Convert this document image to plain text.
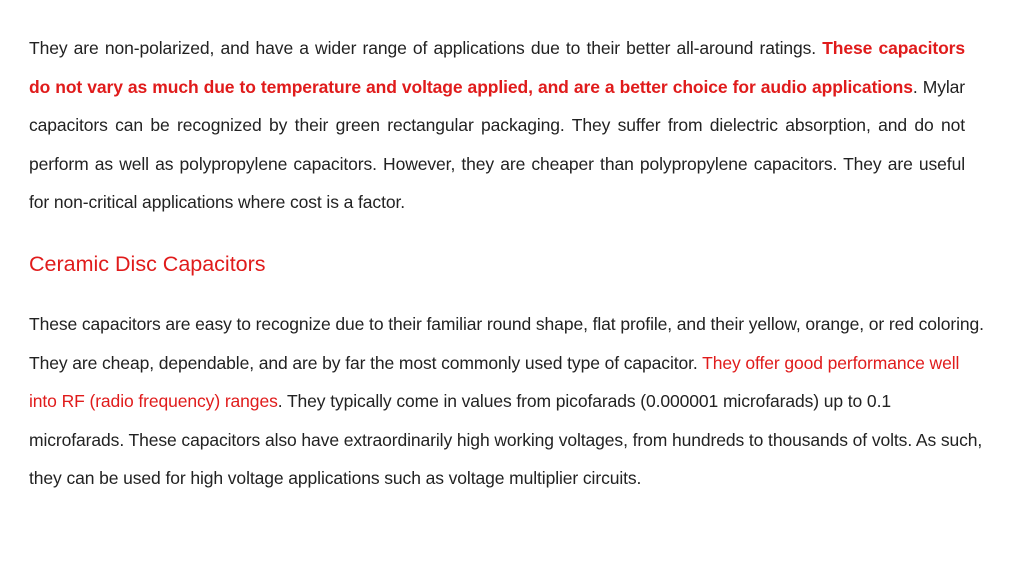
They are non-polarized, and have a wider range of applications due to their better all-around ratings. These capacitors do not vary as much due to temperature and voltage applied, and are a better choice for audio applications. Mylar capacitors can be recognized by their green rectangular packaging. They suffer from dielectric absorption, and do not perform as well as polypropylene capacitors. However, they are cheaper than polypropylene capacitors. They are useful for non-critical applications where cost is a factor.

Ceramic Disc Capacitors

These capacitors are easy to recognize due to their familiar round shape, flat profile, and their yellow, orange, or red coloring. They are cheap, dependable, and are by far the most commonly used type of capacitor. They offer good performance well into RF (radio frequency) ranges. They typically come in values from picofarads (0.000001 microfarads) up to 0.1 microfarads. These capacitors also have extraordinarily high working voltages, from hundreds to thousands of volts. As such, they can be used for high voltage applications such as voltage multiplier circuits.
